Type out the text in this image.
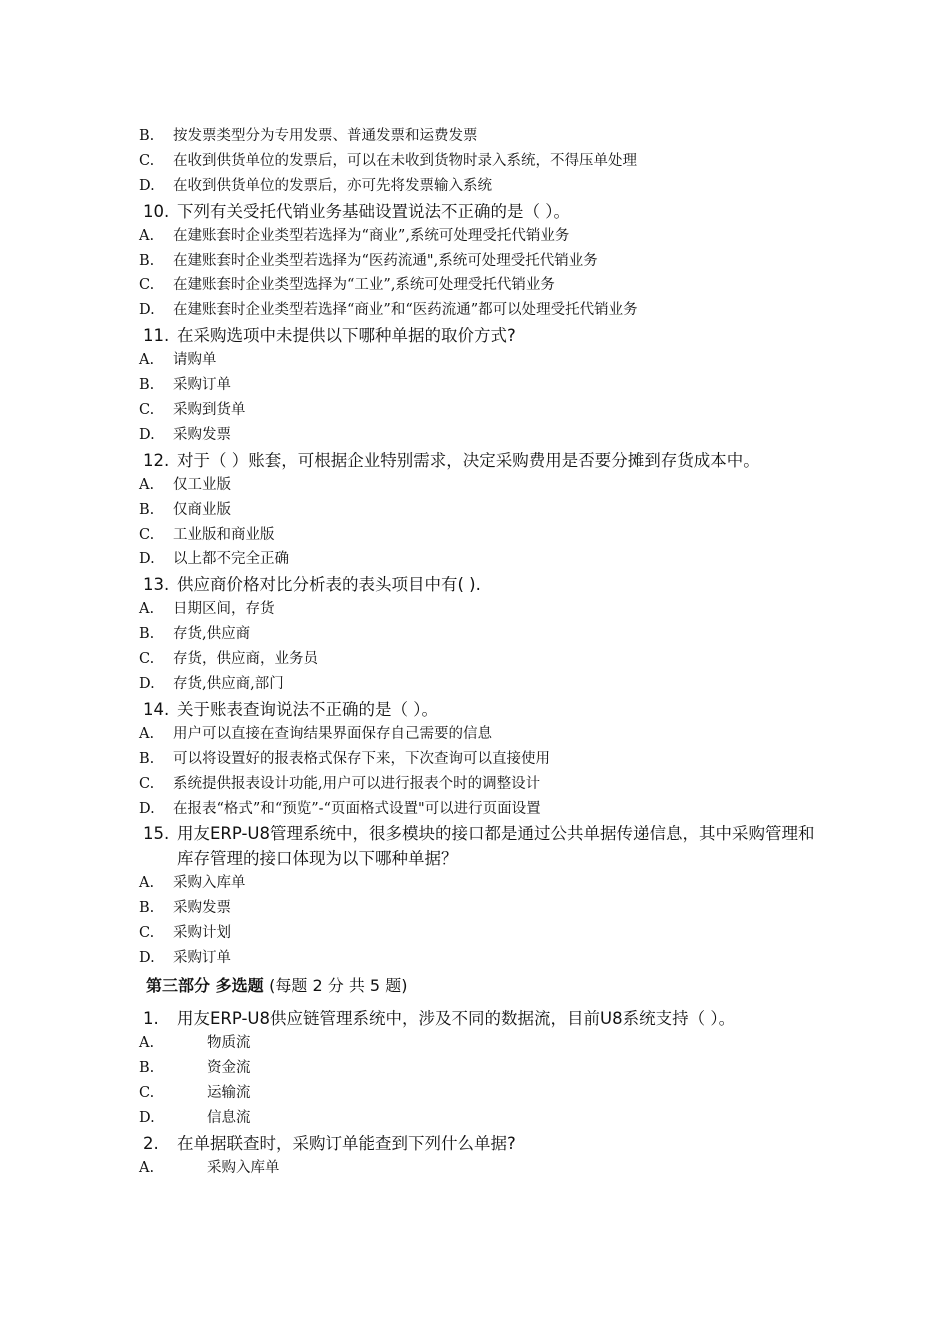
B. 按发票类型分为专用发票、普通发票和运费发票
C. 在收到供货单位的发票后，可以在未收到货物时录入系统，不得压单处理
D. 在收到供货单位的发票后，亦可先将发票输入系统
10. 下列有关受托代销业务基础设置说法不正确的是（ ）。
A. 在建账套时企业类型若选择为“商业”,系统可处理受托代销业务
B. 在建账套时企业类型若选择为“医药流通",系统可处理受托代销业务
C. 在建账套时企业类型选择为“工业”,系统可处理受托代销业务
D. 在建账套时企业类型若选择“商业”和“医药流通”都可以处理受托代销业务
11. 在采购选项中未提供以下哪种单据的取价方式?
A. 请购单
B. 采购订单
C. 采购到货单
D. 采购发票
12. 对于（ ）账套，可根据企业特别需求，决定采购费用是否要分摊到存货成本中。
A. 仅工业版
B. 仅商业版
C. 工业版和商业版
D. 以上都不完全正确
13. 供应商价格对比分析表的表头项目中有( ).
A. 日期区间，存货
B. 存货,供应商
C. 存货，供应商，业务员
D. 存货,供应商,部门
14. 关于账表查询说法不正确的是（ ）。
A. 用户可以直接在查询结果界面保存自己需要的信息
B. 可以将设置好的报表格式保存下来，下次查询可以直接使用
C. 系统提供报表设计功能,用户可以进行报表个时的调整设计
D. 在报表“格式”和“预览”-“页面格式设置"可以进行页面设置
15. 用友ERP-U8管理系统中，很多模块的接口都是通过公共单据传递信息，其中采购管理和库存管理的接口体现为以下哪种单据？
A. 采购入库单
B. 采购发票
C. 采购计划
D. 采购订单
第三部分 多选题 (每题 2 分 共 5 题)
1. 用友ERP-U8供应链管理系统中，涉及不同的数据流，目前U8系统支持（ ）。
A.	物质流
B.	资金流
C.	运输流
D.	信息流
2. 在单据联查时，采购订单能查到下列什么单据?
A.	采购入库单
